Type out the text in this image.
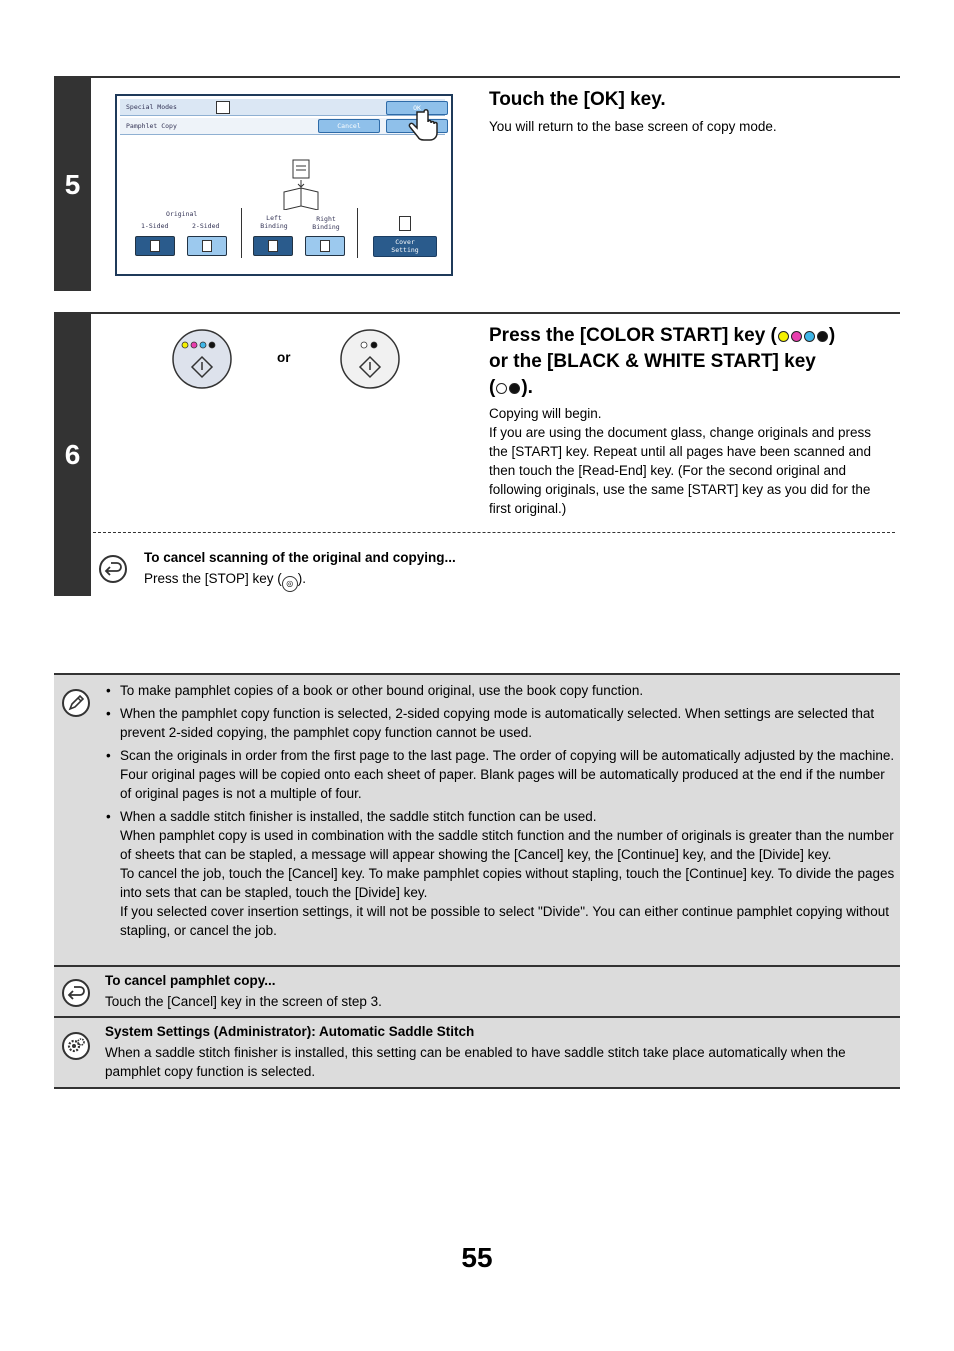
5
Special Modes	OK
Pamphlet Copy	Cancel
Original
1-Sided	2-Sided
Left
Binding
Right
Binding
Cover
Setting
Touch the [OK] key.
You will return to the base screen of copy mode.
6
or
Press the [COLOR START] key (	)
or the [BLACK & WHITE START] key
( ).
Copying will begin.
If you are using the document glass, change originals and press the [START] key. Repeat until all pages have been scanned and then touch the [Read-End] key. (For the second original and following originals, use the same [START] key as you did for the first original.)
To cancel scanning of the original and copying...
Press the [STOP] key ( ◎ ).
• To make pamphlet copies of a book or other bound original, use the book copy function.
• When the pamphlet copy function is selected, 2-sided copying mode is automatically selected. When settings are selected that prevent 2-sided copying, the pamphlet copy function cannot be used.
• Scan the originals in order from the first page to the last page. The order of copying will be automatically adjusted by the machine. Four original pages will be copied onto each sheet of paper. Blank pages will be automatically produced at the end if the number of original pages is not a multiple of four.
• When a saddle stitch finisher is installed, the saddle stitch function can be used.
When pamphlet copy is used in combination with the saddle stitch function and the number of originals is greater than the number of sheets that can be stapled, a message will appear showing the [Cancel] key, the [Continue] key, and the [Divide] key.
To cancel the job, touch the [Cancel] key. To make pamphlet copies without stapling, touch the [Continue] key. To divide the pages into sets that can be stapled, touch the [Divide] key.
If you selected cover insertion settings, it will not be possible to select "Divide". You can either continue pamphlet copying without stapling, or cancel the job.
To cancel pamphlet copy...
Touch the [Cancel] key in the screen of step 3.
System Settings (Administrator): Automatic Saddle Stitch
When a saddle stitch finisher is installed, this setting can be enabled to have saddle stitch take place automatically when the pamphlet copy function is selected.
55
